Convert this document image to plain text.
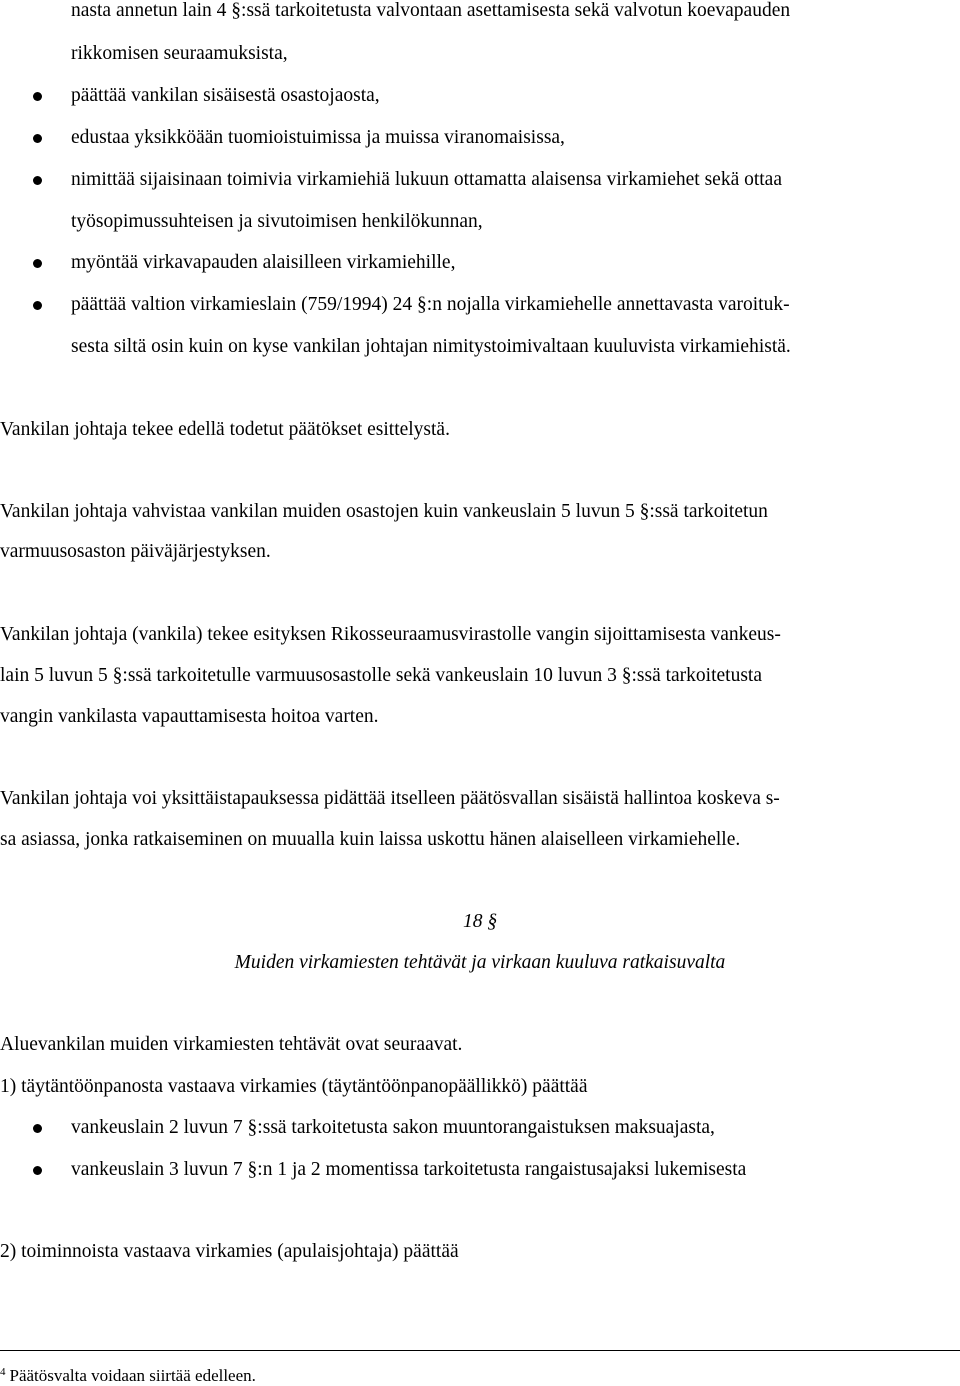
nasta annetun lain 4 §:ssä tarkoitetusta valvontaan asettamisesta sekä valvotun koevapauden
rikkomisen seuraamuksista,
päättää vankilan sisäisestä osastojaosta,
edustaa yksikköään tuomioistuimissa ja muissa viranomaisissa,
nimittää sijaisinaan toimivia virkamiehiä lukuun ottamatta alaisensa virkamiehet sekä ottaa
työsopimussuhteisen ja sivutoimisen henkilökunnan,
myöntää virkavapauden alaisilleen virkamiehille,
päättää valtion virkamieslain (759/1994) 24 §:n nojalla virkamiehelle annettavasta varoituk-
sesta siltä osin kuin on kyse vankilan johtajan nimitystoimivaltaan kuuluvista virkamiehistä.
Vankilan johtaja tekee edellä todetut päätökset esittelystä.
Vankilan johtaja vahvistaa vankilan muiden osastojen kuin vankeuslain 5 luvun 5 §:ssä tarkoitetun
varmuusosaston päiväjärjestyksen.
Vankilan johtaja (vankila) tekee esityksen Rikosseuraamusvirastolle vangin sijoittamisesta vankeus-
lain 5 luvun 5 §:ssä tarkoitetulle varmuusosastolle sekä vankeuslain 10 luvun 3 §:ssä tarkoitetusta
vangin vankilasta vapauttamisesta hoitoa varten.
Vankilan johtaja voi yksittäistapauksessa pidättää itselleen päätösvallan sisäistä hallintoa koskeva s-
sa asiassa, jonka ratkaiseminen on muualla kuin laissa uskottu hänen alaiselleen virkamiehelle.
18 §
Muiden virkamiesten tehtävät ja virkaan kuuluva ratkaisuvalta
Aluevankilan muiden virkamiesten tehtävät ovat seuraavat.
1) täytäntöönpanosta vastaava virkamies (täytäntöönpanopäällikkö) päättää
vankeuslain 2 luvun 7 §:ssä tarkoitetusta sakon muuntorangaistuksen maksuajasta,
vankeuslain 3 luvun 7 §:n 1 ja 2 momentissa tarkoitetusta rangaistusajaksi lukemisesta
2) toiminnoista vastaava virkamies (apulaisjohtaja) päättää
$^4$ Päätösvalta voidaan siirtää edelleen.
